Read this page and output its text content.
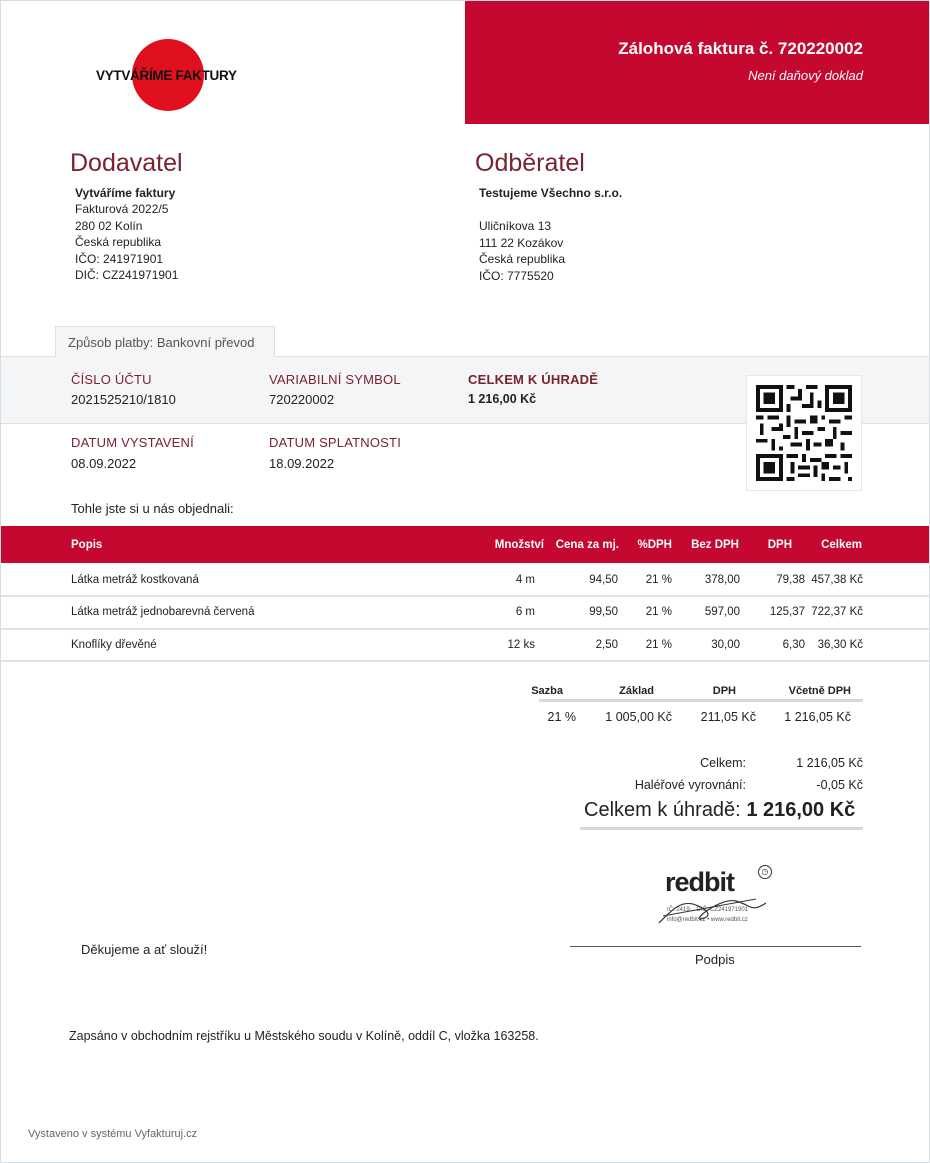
VYTVÁŘÍME FAKTURY
Zálohová faktura č. 720220002
Není daňový doklad
Dodavatel
Vytváříme faktury
Fakturová 2022/5
280 02 Kolín
Česká republika
IČO: 241971901
DIČ: CZ241971901
Odběratel
Testujeme Všechno s.r.o.
Uličníkova 13
111 22 Kozákov
Česká republika
IČO: 7775520
Způsob platby: Bankovní převod
ČÍSLO ÚČTU
2021525210/1810
VARIABILNÍ SYMBOL
720220002
CELKEM K ÚHRADĚ
1 216,00 Kč
DATUM VYSTAVENÍ
08.09.2022
DATUM SPLATNOSTI
18.09.2022
Tohle jste si u nás objednali:
Popis	Množství Cena za mj. %DPH Bez DPH DPH	Celkem
Látka metráž kostkovaná	4 m	94,50 21 %	378,00	79,38 457,38 Kč
Látka metráž jednobarevná červená	6 m	99,50 21 %	597,00	125,37 722,37 Kč
Knoflíky dřevěné	12 ks	2,50 21 %	30,00	6,30 36,30 Kč
Sazba	Základ	DPH	Včetně DPH
21 % 1 005,00 Kč 211,05 Kč 1 216,05 Kč
Celkem:	1 216,05 Kč
Haléřové vyrovnání:	-0,05 Kč
Celkem k úhradě: 1 216,00 Kč
redbit	◷
IČ: 2419... DIČ: CZ241971901
info@redbit.cz • www.redbit.cz
Podpis
Děkujeme a ať slouží!
Zapsáno v obchodním rejstříku u Městského soudu v Kolíně, oddíl C, vložka 163258.
Vystaveno v systému Vyfakturuj.cz
